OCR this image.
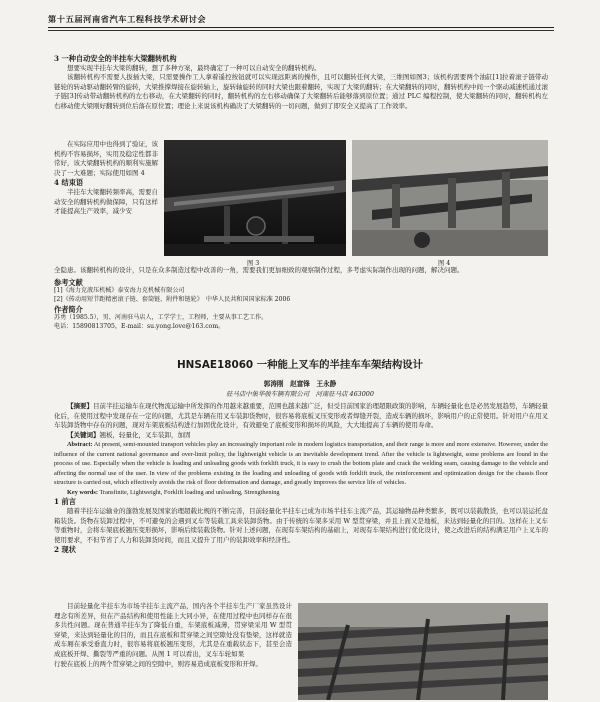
第十五届河南省汽车工程科技学术研讨会
3 一种自动安全的半挂车大梁翻转机构
想要实现半挂车大梁的翻转，想了多种方案，最终确定了一种可以自动安全的翻转机构。
该翻转机构不需要人拔插大梁，只需要操作工人拿着遥控按钮就可以实现远距离的操作，且可以翻转任何大梁，三维图如图3；该机构需要两个油缸[1]拉着滚子链带动链轮的转动驱动翻转臂的旋转，大梁推撑焊接在旋转轴上，旋转轴旋转的同时大梁也跟着翻转，实现了大梁的翻转；在大梁翻转的同时，翻转机构中间一个驱动减速机通过滚子链[3]传动带动翻转机构的左右移动，在大梁翻转的同时，翻转机构的左右移动确保了大梁翻转后能够落到原位置；通过 PLC 编程控制，使大梁翻转的同时，翻转机构左右移动使大梁刚好翻转到位后落在原位置；理论上来说该机构确决了大梁翻转的一切问题，做到了即安全又提高了工作效率。
在实际应用中也得到了验证，该机构不容易损坏，实用及稳定性都非常好，该大梁翻转机构的顺利实施解决了一大难题；实际使用如图 4
4 结束语
半挂车大梁翻转频率高，需要自动安全的翻转机构做保障，只有这样才能提高生产效率，减少安
图 3	图 4
全隐患。该翻转机构的设计，只是在众多制造过程中改善的一角，需要我们更加细致的观察制作过程，多考虑实际制作出现的问题，解决问题。
参考文献
[1]《海力克液压机械》泰安海力克机械有限公司
[2]《传动用短节距精密滚子链、套筒链、附件和链轮》　中华人民共和国国家标准 2006
作者简介
苏勇（1985.5），男，河南驻马店人，工学学士，工程师，主要从事工艺工作。
电话：15890813705，E-mail：su.yong.love@163.com。
HNSAE18060 一种能上叉车的半挂车车架结构设计
郭涛刚　赵富锋　王永静
驻马店中集华骏车辆有限公司　河南驻马店 463000
【摘要】目前半挂运输车在现代物流运输中所发挥的作用越来越重要，范围也越来越广泛，但受目前国家治理超限政策的影响，车辆轻量化也是必然发展趋势，车辆轻量化后，在使用过程中发现存在一定的问题，尤其是车辆在用叉车装卸货物时，很容易将底板叉压变形或者焊缝开裂，造成车辆的损坏，影响用户的正常使用。针对用户在用叉车装卸货物中存在的问题，现对车架底板结构进行加固优化设计，有效避免了底板变形和损坏的风险，大大地提高了车辆的使用寿命。
【关键词】翘板，轻量化，叉车装卸，加固
Abstract: At present, semi-mounted transport vehicles play an increasingly important role in modern logistics transportation, and their range is more and more extensive. However, under the influence of the current national governance and over-limit policy, the lightweight vehicle is an inevitable development trend. After the vehicle is lightweight, some problems are found in the process of use. Especially when the vehicle is loading and unloading goods with forklift truck, it is easy to crush the bottom plate and crack the welding seam, causing damage to the vehicle and affecting the normal use of the user. In view of the problems existing in the loading and unloading of goods with forklift truck, the reinforcement and optimization design for the chassis floor structure is carried out, which effectively avoids the risk of floor deformation and damage, and greatly improves the service life of vehicles.
Key words: Transfinite, Lightweight, Forklift loading and unloading, Strengthening
1 前言
随着半挂车运输业的蓬勃发展及国家治理超载比规的不断完善，目前轻量化半挂车已成为市场半挂车主流产品，其运输物品种类繁多，既可以装载散货，也可以装运托盘箱装货。货物在装卸过程中，不可避免的会遇到叉车等装载工具来装卸货物。由于传统的车架多采用 W 型贯穿梁，并且上面又是地板，来达到轻量化的目的。这样在上叉车等重物时，会将车架底板翘压变形损坏，影响后续装载货物。针对上述问题，在现有车架结构的基础上，对现有车架结构进行优化设计，使之改进后的结构满足用户上叉车的使用要求，不但节省了人力和装卸货时间，而且又提升了用户的装卸效率和经济性。
2 现状
目前轻量化半挂车为市场半挂车主流产品，国内各个半挂车生产厂家虽然设计理念有所差异，但在产品结构和使用性能上大同小异，在使用过程中也同样存在很多共性问题。现在普通半挂车为了降低自重，车架底板减薄，贯穿梁采用 W 型贯穿梁，来达到轻量化的目的，而且在底板和贯穿梁之间空隙处没有垫梁，这样就造成车厢在承受垂直力时，很容易将底板翘压变形，尤其是在重载状态下，甚至会造成底板开焊、撕裂等严重的问题。从图 1 可以看出，叉车车轮如果
行驶在底板上的两个贯穿梁之间的空隙中，则容易造成底板变形和开焊。
